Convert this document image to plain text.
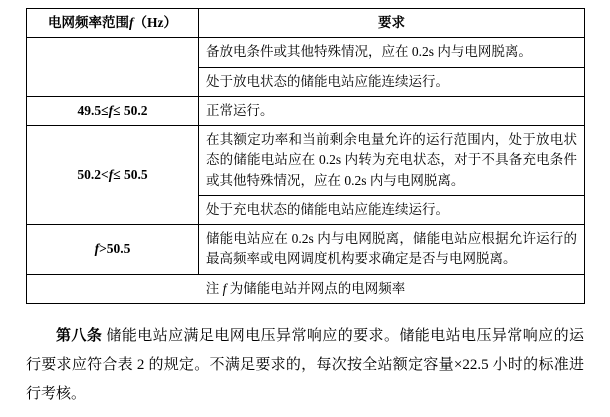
电网频率范围f（Hz）	要求
	备放电条件或其他特殊情况，应在 0.2s 内与电网脱离。
	处于放电状态的储能电站应能连续运行。
49.5≤f≤ 50.2	正常运行。
50.2<f≤ 50.5	在其额定功率和当前剩余电量允许的运行范围内，处于放电状态的储能电站应在 0.2s 内转为充电状态，对于不具备充电条件或其他特殊情况，应在 0.2s 内与电网脱离。
	处于充电状态的储能电站应能连续运行。
f>50.5	储能电站应在 0.2s 内与电网脱离，储能电站应根据允许运行的最高频率或电网调度机构要求确定是否与电网脱离。
注 f 为储能电站并网点的电网频率	

第八条 储能电站应满足电网电压异常响应的要求。储能电站电压异常响应的运行要求应符合表 2 的规定。不满足要求的，每次按全站额定容量×22.5 小时的标准进行考核。
